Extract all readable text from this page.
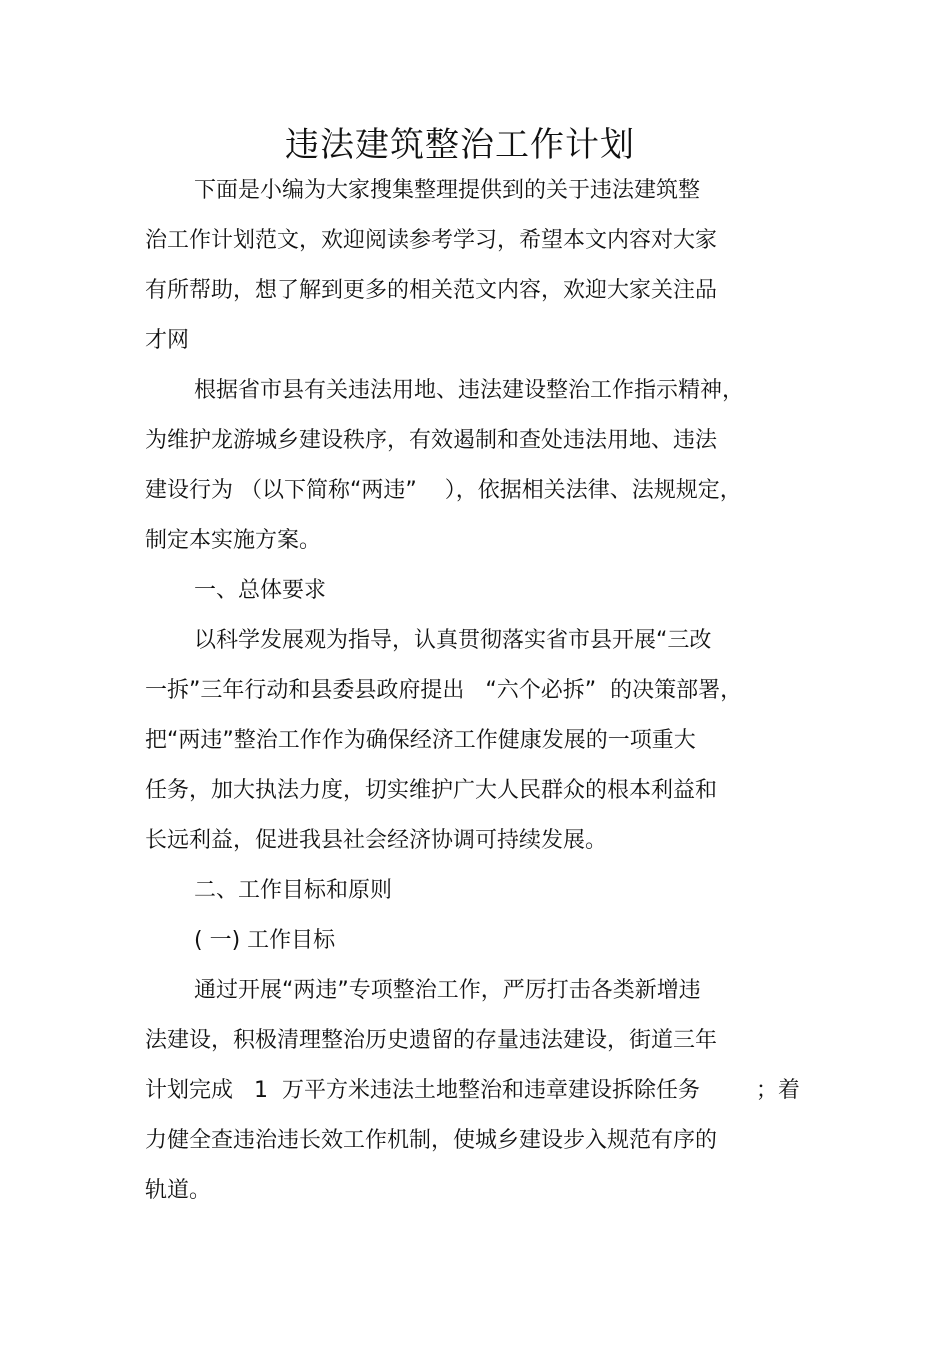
违法建筑整治工作计划
下面是小编为大家搜集整理提供到的关于违法建筑整
治工作计划范文，欢迎阅读参考学习，希望本文内容对大家
有所帮助，想了解到更多的相关范文内容，欢迎大家关注品
才网
根据省市县有关违法用地、违法建设整治工作指示精神，
为维护龙游城乡建设秩序，有效遏制和查处违法用地、违法
建设行为 （以下简称“两违”    ），依据相关法律、法规规定，
制定本实施方案。
一、总体要求
以科学发展观为指导，认真贯彻落实省市县开展“三改
一拆”三年行动和县委县政府提出   “六个必拆”  的决策部署，
把“两违”整治工作作为确保经济工作健康发展的一项重大
任务，加大执法力度，切实维护广大人民群众的根本利益和
长远利益，促进我县社会经济协调可持续发展。
二、工作目标和原则
( 一) 工作目标
通过开展“两违”专项整治工作，严厉打击各类新增违
法建设，积极清理整治历史遗留的存量违法建设，街道三年
计划完成   1  万平方米违法土地整治和违章建设拆除任务        ；着
力健全查违治违长效工作机制，使城乡建设步入规范有序的
轨道。
